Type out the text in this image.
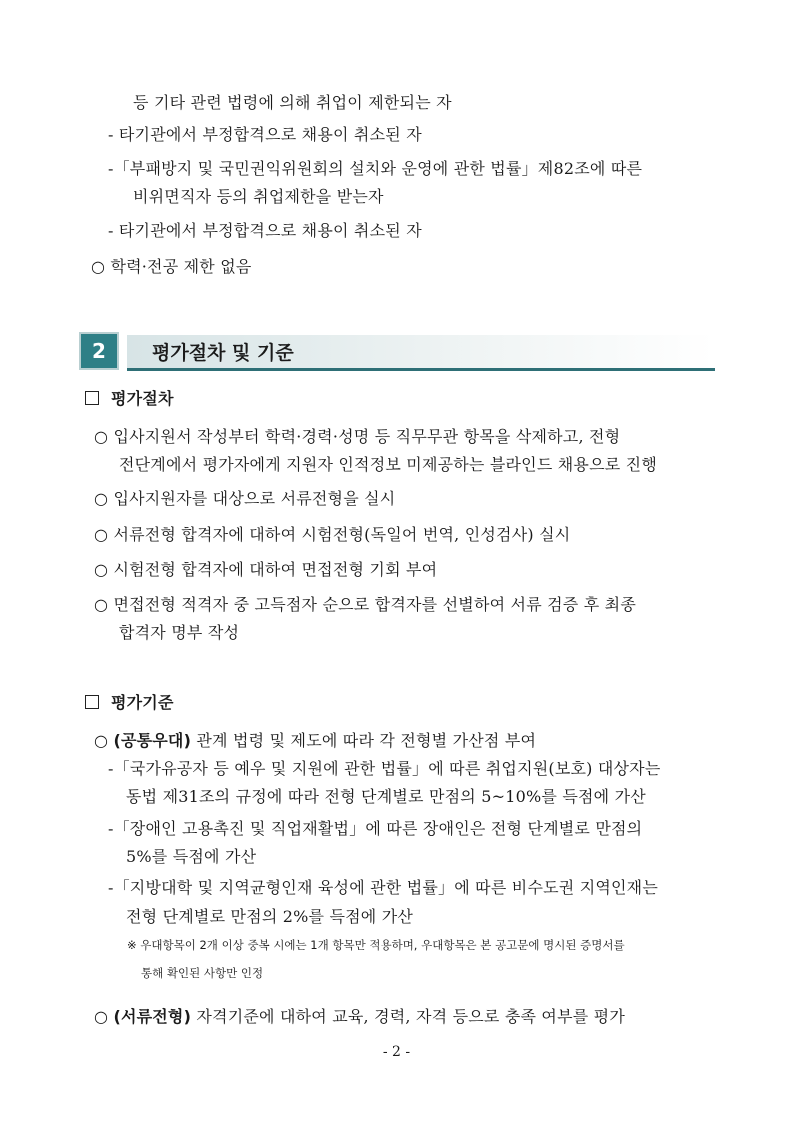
등 기타 관련 법령에 의해 취업이 제한되는 자
- 타기관에서 부정합격으로 채용이 취소된 자
-「부패방지 및 국민권익위원회의 설치와 운영에 관한 법률」제82조에 따른
비위면직자 등의 취업제한을 받는자
- 타기관에서 부정합격으로 채용이 취소된 자
○ 학력·전공 제한 없음
2	평가절차 및 기준
평가절차
○ 입사지원서 작성부터 학력·경력·성명 등 직무무관 항목을 삭제하고, 전형
전단계에서 평가자에게 지원자 인적정보 미제공하는 블라인드 채용으로 진행
○ 입사지원자를 대상으로 서류전형을 실시
○ 서류전형 합격자에 대하여 시험전형(독일어 번역, 인성검사) 실시
○ 시험전형 합격자에 대하여 면접전형 기회 부여
○ 면접전형 적격자 중 고득점자 순으로 합격자를 선별하여 서류 검증 후 최종
합격자 명부 작성
평가기준
○ (공통우대) 관계 법령 및 제도에 따라 각 전형별 가산점 부여
-「국가유공자 등 예우 및 지원에 관한 법률」에 따른 취업지원(보호) 대상자는
동법 제31조의 규정에 따라 전형 단계별로 만점의 5~10%를 득점에 가산
-「장애인 고용촉진 및 직업재활법」에 따른 장애인은 전형 단계별로 만점의
5%를 득점에 가산
-「지방대학 및 지역균형인재 육성에 관한 법률」에 따른 비수도권 지역인재는
전형 단계별로 만점의 2%를 득점에 가산
※ 우대항목이 2개 이상 중복 시에는 1개 항목만 적용하며, 우대항목은 본 공고문에 명시된 증명서를
통해 확인된 사항만 인정
○ (서류전형) 자격기준에 대하여 교육, 경력, 자격 등으로 충족 여부를 평가
- 2 -
